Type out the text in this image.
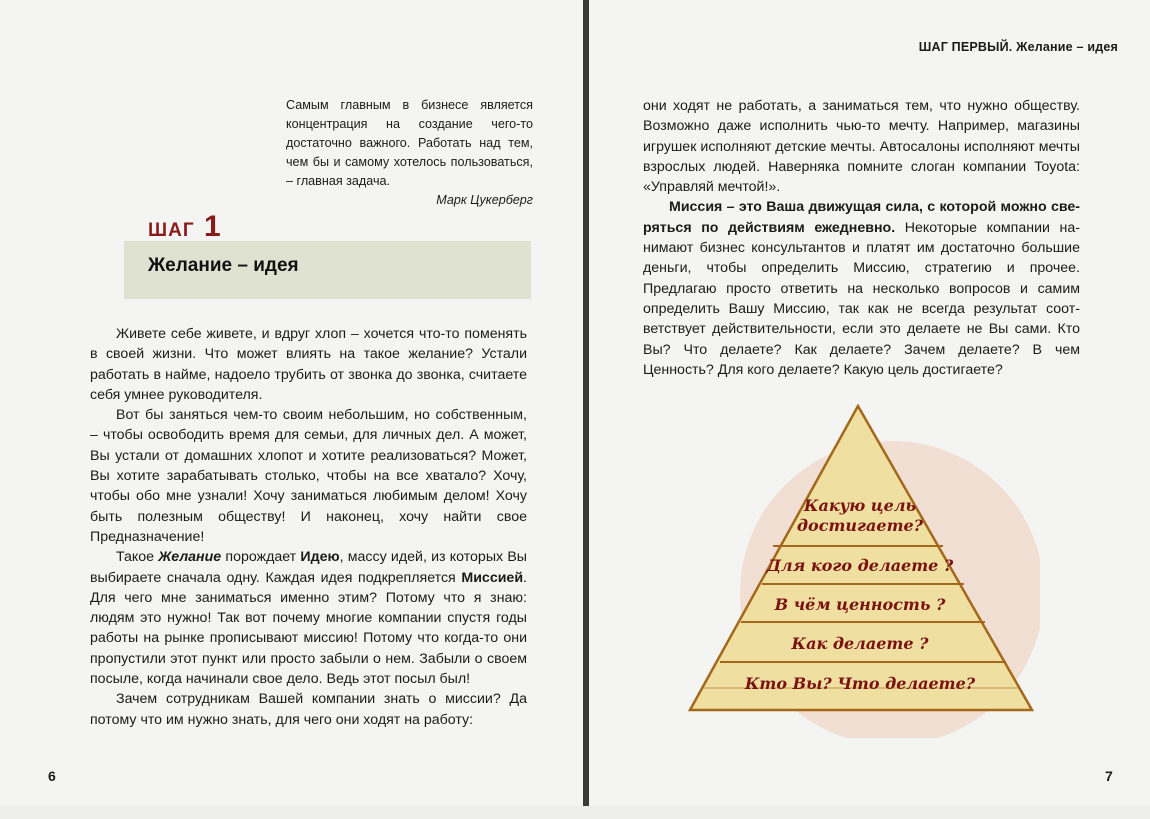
Самым главным в бизнесе является концентрация на создание чего-то достаточно важного. Работать над тем, чем бы и самому хотелось пользоваться, – главная задача.
Марк Цукерберг
ШАГ 1
Желание – идея

Живете себе живете, и вдруг хлоп – хочется что-то поменять в своей жизни. Что может влиять на такое желание? Устали работать в найме, надоело трубить от звонка до звонка, считаете себя умнее руководителя.

Вот бы заняться чем-то своим небольшим, но собственным, – чтобы освободить время для семьи, для личных дел. А может, Вы устали от домашних хлопот и хотите реализоваться? Может, Вы хотите зарабатывать столько, чтобы на все хватало? Хочу, чтобы обо мне узнали! Хочу заниматься любимым делом! Хочу быть полезным обществу! И наконец, хочу найти свое Предназначение!

Такое Желание порождает Идею, массу идей, из которых Вы выбираете сначала одну. Каждая идея подкрепляется Миссией. Для чего мне заниматься именно этим? Потому что я знаю: людям это нужно! Так вот почему многие компании спустя годы работы на рынке прописывают миссию! Потому что когда-то они пропустили этот пункт или просто забыли о нем. Забыли о своем посыле, когда начинали свое дело. Ведь этот посыл был!

Зачем сотрудникам Вашей компании знать о миссии? Да потому что им нужно знать, для чего они ходят на работу:

6
ШАГ ПЕРВЫЙ. Желание – идея

они ходят не работать, а заниматься тем, что нужно обществу. Возможно даже исполнить чью-то мечту. Например, магазины игрушек исполняют детские мечты. Автосалоны исполняют мечты взрослых людей. Наверняка помните слоган компании Toyota: «Управляй мечтой!».

Миссия – это Ваша движущая сила, с которой можно сверяться по действиям ежедневно. Некоторые компании нанимают бизнес консультантов и платят им достаточно большие деньги, чтобы определить Миссию, стратегию и прочее. Предлагаю просто ответить на несколько вопросов и самим определить Вашу Миссию, так как не всегда результат соответствует действительности, если это делаете не Вы сами. Кто Вы? Что делаете? Как делаете? Зачем делаете? В чем Ценность? Для кого делаете? Какую цель достигаете?

Какую цель
достигаете?
Для кого делаете ?
В чём ценность ?
Как делаете ?
Кто Вы? Что делаете?
7
